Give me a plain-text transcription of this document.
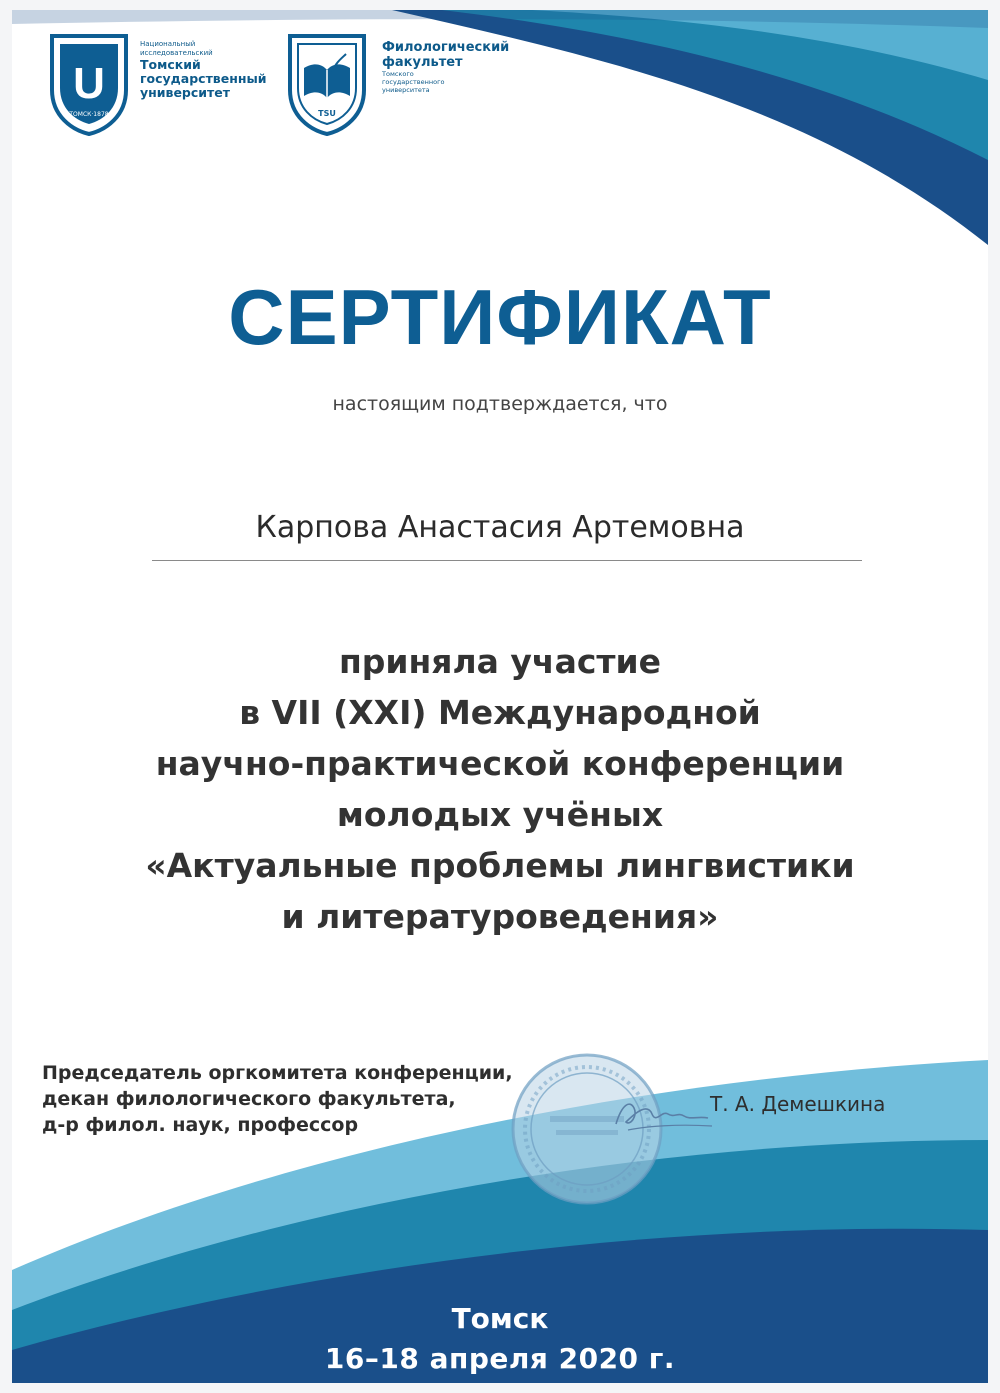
U
ТОМСК·1878
Национальный
исследовательский
Томский
государственный
университет
TSU
Филологический
факультет
Томского
государственного
университета
СЕРТИФИКАТ
настоящим подтверждается, что
Карпова Анастасия Артемовна
приняла участие
в VII (XXI) Международной
научно-практической конференции
молодых учёных
«Актуальные проблемы лингвистики
и литературоведения»
Председатель оргкомитета конференции,
декан филологического факультета,
д-р филол. наук, профессор
Т. А. Демешкина
Томск
16–18 апреля 2020 г.
